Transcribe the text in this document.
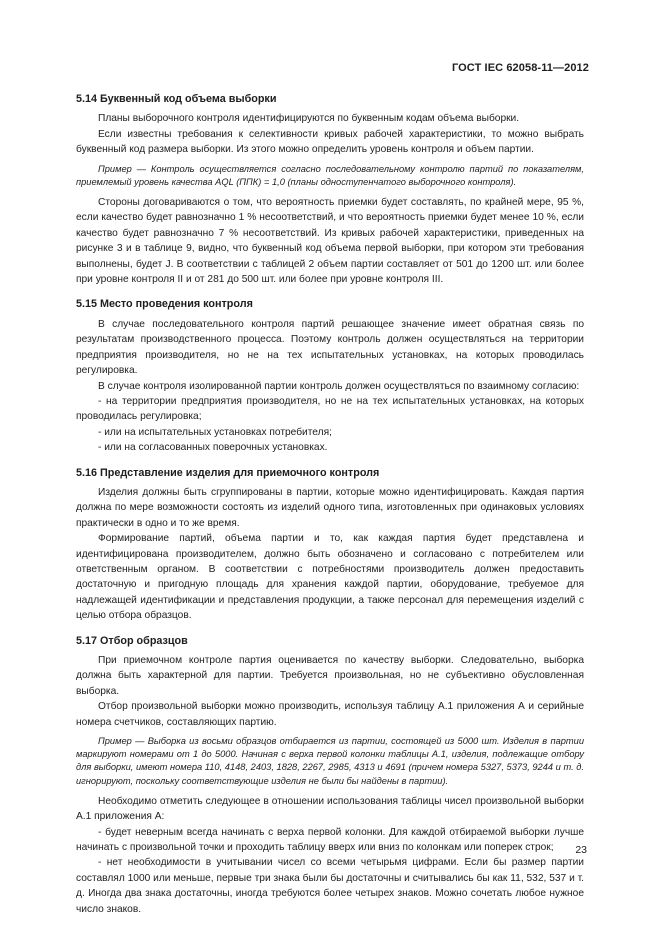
ГОСТ IEC 62058-11—2012
5.14 Буквенный код объема выборки

Планы выборочного контроля идентифицируются по буквенным кодам объема выборки.

Если известны требования к селективности кривых рабочей характеристики, то можно выбрать буквенный код размера выборки. Из этого можно определить уровень контроля и объем партии.

Пример — Контроль осуществляется согласно последовательному контролю партий по показателям, приемлемый уровень качества AQL (ППК) = 1,0 (планы одноступенчатого выборочного контроля).

Стороны договариваются о том, что вероятность приемки будет составлять, по крайней мере, 95 %, если качество будет равнозначно 1 % несоответствий, и что вероятность приемки будет менее 10 %, если качество будет равнозначно 7 % несоответствий. Из кривых рабочей характеристики, приведенных на рисунке 3 и в таблице 9, видно, что буквенный код объема первой выборки, при котором эти требования выполнены, будет J. В соответствии с таблицей 2 объем партии составляет от 501 до 1200 шт. или более при уровне контроля II и от 281 до 500 шт. или более при уровне контроля III.

5.15 Место проведения контроля

В случае последовательного контроля партий решающее значение имеет обратная связь по результатам производственного процесса. Поэтому контроль должен осуществляться на территории предприятия производителя, но не на тех испытательных установках, на которых проводилась регулировка.

В случае контроля изолированной партии контроль должен осуществляться по взаимному согласию:

- на территории предприятия производителя, но не на тех испытательных установках, на которых проводилась регулировка;

- или на испытательных установках потребителя;

- или на согласованных поверочных установках.

5.16 Представление изделия для приемочного контроля

Изделия должны быть сгруппированы в партии, которые можно идентифицировать. Каждая партия должна по мере возможности состоять из изделий одного типа, изготовленных при одинаковых условиях практически в одно и то же время.

Формирование партий, объема партии и то, как каждая партия будет представлена и идентифицирована производителем, должно быть обозначено и согласовано с потребителем или ответственным органом. В соответствии с потребностями производитель должен предоставить достаточную и пригодную площадь для хранения каждой партии, оборудование, требуемое для надлежащей идентификации и представления продукции, а также персонал для перемещения изделий с целью отбора образцов.

5.17 Отбор образцов

При приемочном контроле партия оценивается по качеству выборки. Следовательно, выборка должна быть характерной для партии. Требуется произвольная, но не субъективно обусловленная выборка.

Отбор произвольной выборки можно производить, используя таблицу А.1 приложения А и серийные номера счетчиков, составляющих партию.

Пример — Выборка из восьми образцов отбирается из партии, состоящей из 5000 шт. Изделия в партии маркируют номерами от 1 до 5000. Начиная с верха первой колонки таблицы А.1, изделия, подлежащие отбору для выборки, имеют номера 110, 4148, 2403, 1828, 2267, 2985, 4313 и 4691 (причем номера 5327, 5373, 9244 и т. д. игнорируют, поскольку соответствующие изделия не были бы найдены в партии).

Необходимо отметить следующее в отношении использования таблицы чисел произвольной выборки А.1 приложения А:

- будет неверным всегда начинать с верха первой колонки. Для каждой отбираемой выборки лучше начинать с произвольной точки и проходить таблицу вверх или вниз по колонкам или поперек строк;

- нет необходимости в учитывании чисел со всеми четырьмя цифрами. Если бы размер партии составлял 1000 или меньше, первые три знака были бы достаточны и считывались бы как 11, 532, 537 и т. д. Иногда два знака достаточны, иногда требуются более четырех знаков. Можно сочетать любое нужное число знаков.

23
